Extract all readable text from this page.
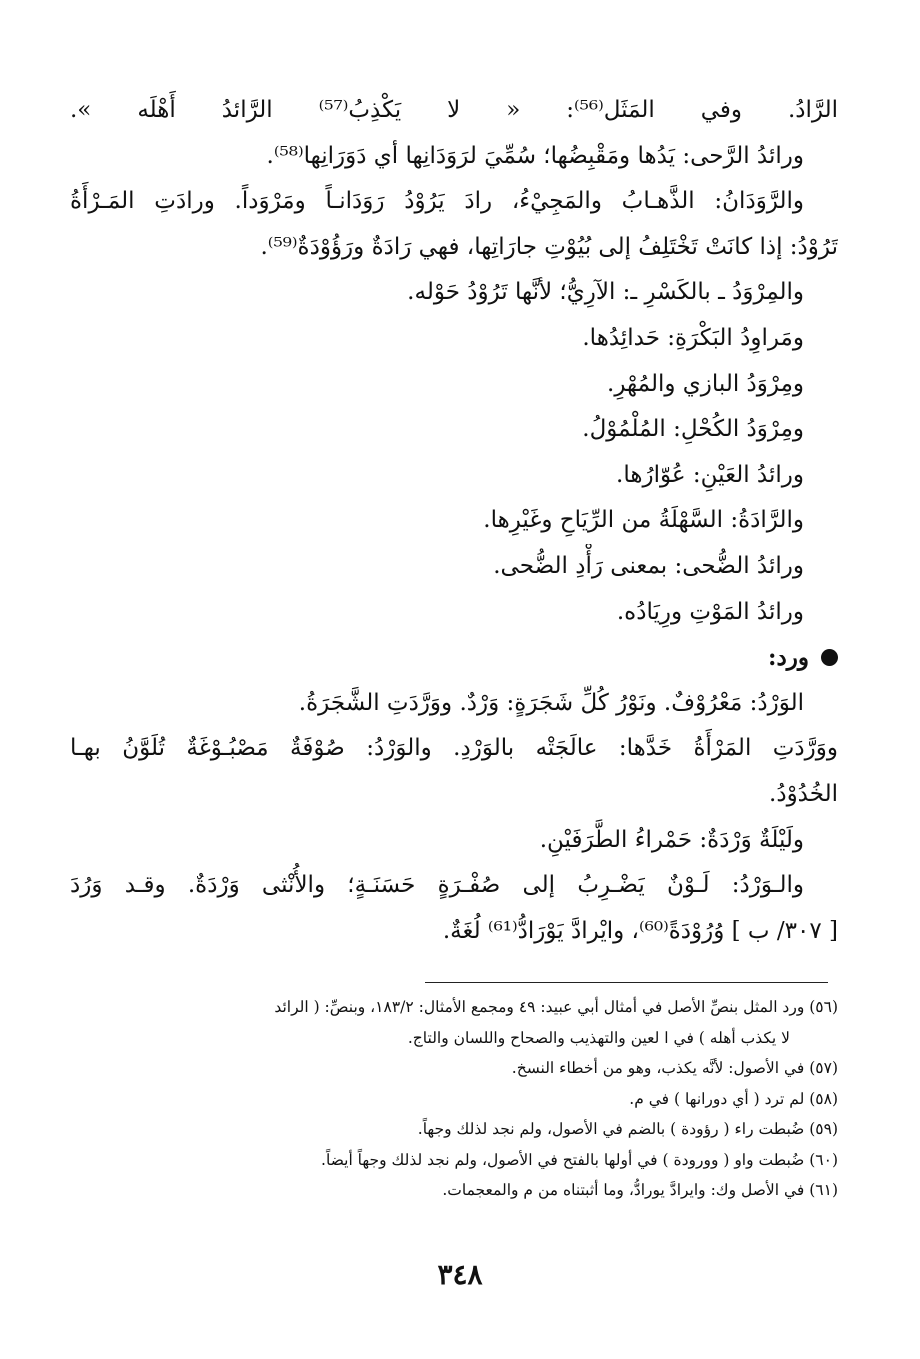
الرَّادُ. وفي المَثَل⁽⁵⁶⁾: « لا يَكْذِبُ⁽⁵⁷⁾ الرَّائدُ أَهْلَه ».
ورائدُ الرَّحى: يَدُها ومَقْبِضُها؛ سُمِّيَ لرَوَدَانِها أي دَوَرَانِها⁽⁵⁸⁾.
والرَّوَدَانُ: الذَّهـابُ والمَجِيْءُ، رادَ يَرُوْدُ رَوَدَانـاً ومَرْوَداً. ورادَتِ المَـرْأَةُ
تَرُوْدُ: إذا كانَتْ تَخْتَلِفُ إلى بُيُوْتِ جارَاتِها، فهي رَادَةٌ ورَؤُوْدَةٌ⁽⁵⁹⁾.
والمِرْوَدُ ـ بالكَسْرِ ـ: الآرِيُّ؛ لأنَّها تَرُوْدُ حَوْله.
ومَراوِدُ البَكْرَةِ: حَدائِدُها.
ومِرْوَدُ البازي والمُهْرِ.
ومِرْوَدُ الكُحْلِ: المُلْمُوْلُ.
ورائدُ العَيْنِ: عُوّارُها.
والرَّادَةُ: السَّهْلَةُ من الرِّيَاحِ وغَيْرِها.
ورائدُ الضُّحى: بمعنى رَأْدِ الضُّحى.
ورائدُ المَوْتِ ورِيَادُه.
ورد:
الوَرْدُ: مَعْرُوْفٌ. ونَوْرُ كُلِّ شَجَرَةٍ: وَرْدٌ. ووَرَّدَتِ الشَّجَرَةُ.
ووَرَّدَتِ المَرْأَةُ خَدَّها: عالَجَتْه بالوَرْدِ. والوَرْدُ: صُوْفَةٌ مَصْبُـوْغَةٌ تُلَوَّنُ بهـا
الخُدُوْدُ.
ولَيْلَةٌ وَرْدَةٌ: حَمْراءُ الطَّرَفَيْنِ.
والـوَرْدُ: لَـوْنٌ يَضْـرِبُ إلى صُفْـرَةٍ حَسَنَـةٍ؛ والأُنْثى وَرْدَةٌ. وقـد وَرُدَ
[ ٣٠٧/ ب ] وُرُوْدَةً⁽⁶⁰⁾، وايْرادَّ يَوْرَادُّ⁽⁶¹⁾ لُغَةٌ.
(٥٦) ورد المثل بنصِّ الأصل في أمثال أبي عبيد: ٤٩ ومجمع الأمثال: ١٨٣/٢، وبنصِّ: ( الرائد
لا يكذب أهله ) في ا لعين والتهذيب والصحاح واللسان والتاج.
(٥٧) في الأصول: لأنَّه يكذب، وهو من أخطاء النسخ.
(٥٨) لم ترد ( أي دورانها ) في م.
(٥٩) ضُبطت راء ( رؤودة ) بالضم في الأصول، ولم نجد لذلك وجهاً.
(٦٠) ضُبطت واو ( وورودة ) في أولها بالفتح في الأصول، ولم نجد لذلك وجهاً أيضاً.
(٦١) في الأصل وك: وايرادَّ يورادُّ، وما أثبتناه من م والمعجمات.
٣٤٨
